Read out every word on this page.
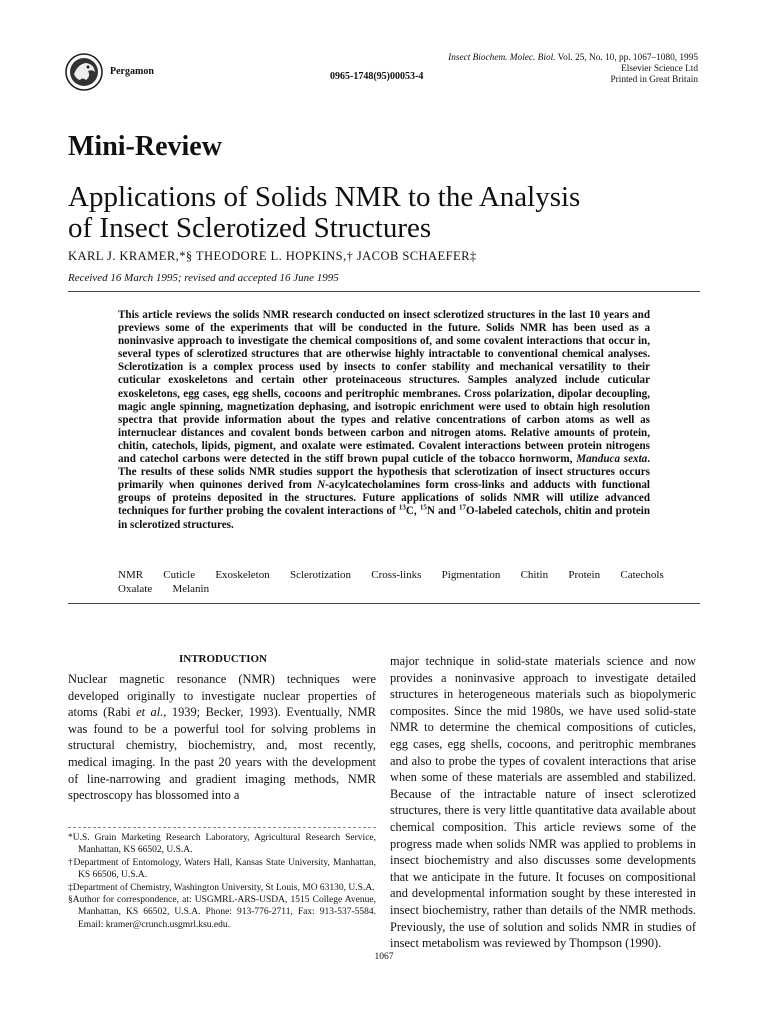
Pergamon	0965-1748(95)00053-4
Insect Biochem. Molec. Biol. Vol. 25, No. 10, pp. 1067–1080, 1995
Elsevier Science Ltd
Printed in Great Britain
Mini-Review
Applications of Solids NMR to the Analysis
of Insect Sclerotized Structures
KARL J. KRAMER,*§ THEODORE L. HOPKINS,† JACOB SCHAEFER‡
Received 16 March 1995; revised and accepted 16 June 1995
This article reviews the solids NMR research conducted on insect sclerotized structures in the last 10 years and previews some of the experiments that will be conducted in the future. Solids NMR has been used as a noninvasive approach to investigate the chemical compositions of, and some covalent interactions that occur in, several types of sclerotized structures that are otherwise highly intractable to conventional chemical analyses. Sclerotization is a complex process used by insects to confer stability and mechanical versatility to their cuticular exoskeletons and certain other proteinaceous structures. Samples analyzed include cuticular exoskeletons, egg cases, egg shells, cocoons and peritrophic membranes. Cross polarization, dipolar decoupling, magic angle spinning, magnetization dephasing, and isotropic enrichment were used to obtain high resolution spectra that provide information about the types and relative concentrations of carbon atoms as well as internuclear distances and covalent bonds between carbon and nitrogen atoms. Relative amounts of protein, chitin, catechols, lipids, pigment, and oxalate were estimated. Covalent interactions between protein nitrogens and catechol carbons were detected in the stiff brown pupal cuticle of the tobacco hornworm, Manduca sexta. The results of these solids NMR studies support the hypothesis that sclerotization of insect structures occurs primarily when quinones derived from N-acylcatecholamines form cross-links and adducts with functional groups of proteins deposited in the structures. Future applications of solids NMR will utilize advanced techniques for further probing the covalent interactions of $^{13}$C, $^{15}$N and $^{17}$O-labeled catechols, chitin and protein in sclerotized structures.
NMR   Cuticle   Exoskeleton   Sclerotization   Cross-links   Pigmentation   Chitin   Protein   Catechols
Oxalate   Melanin
INTRODUCTION
Nuclear magnetic resonance (NMR) techniques were developed originally to investigate nuclear properties of atoms (Rabi et al., 1939; Becker, 1993). Eventually, NMR was found to be a powerful tool for solving problems in structural chemistry, biochemistry, and, most recently, medical imaging. In the past 20 years with the development of line-narrowing and gradient imaging methods, NMR spectroscopy has blossomed into a

*U.S. Grain Marketing Research Laboratory, Agricultural Research Service, Manhattan, KS 66502, U.S.A.

†Department of Entomology, Waters Hall, Kansas State University, Manhattan, KS 66506, U.S.A.

‡Department of Chemistry, Washington University, St Louis, MO 63130, U.S.A.

§Author for correspondence, at: USGMRL-ARS-USDA, 1515 College Avenue, Manhattan, KS 66502, U.S.A. Phone: 913-776-2711, Fax: 913-537-5584. Email: kramer@crunch.usgmrl.ksu.edu.

major technique in solid-state materials science and now provides a noninvasive approach to investigate detailed structures in heterogeneous materials such as biopolymeric composites. Since the mid 1980s, we have used solid-state NMR to determine the chemical compositions of cuticles, egg cases, egg shells, cocoons, and peritrophic membranes and also to probe the types of covalent interactions that arise when some of these materials are assembled and stabilized. Because of the intractable nature of insect sclerotized structures, there is very little quantitative data available about chemical composition. This article reviews some of the progress made when solids NMR was applied to problems in insect biochemistry and also discusses some developments that we anticipate in the future. It focuses on compositional and developmental information sought by these interested in insect biochemistry, rather than details of the NMR methods. Previously, the use of solution and solids NMR in studies of insect metabolism was reviewed by Thompson (1990).
1067
